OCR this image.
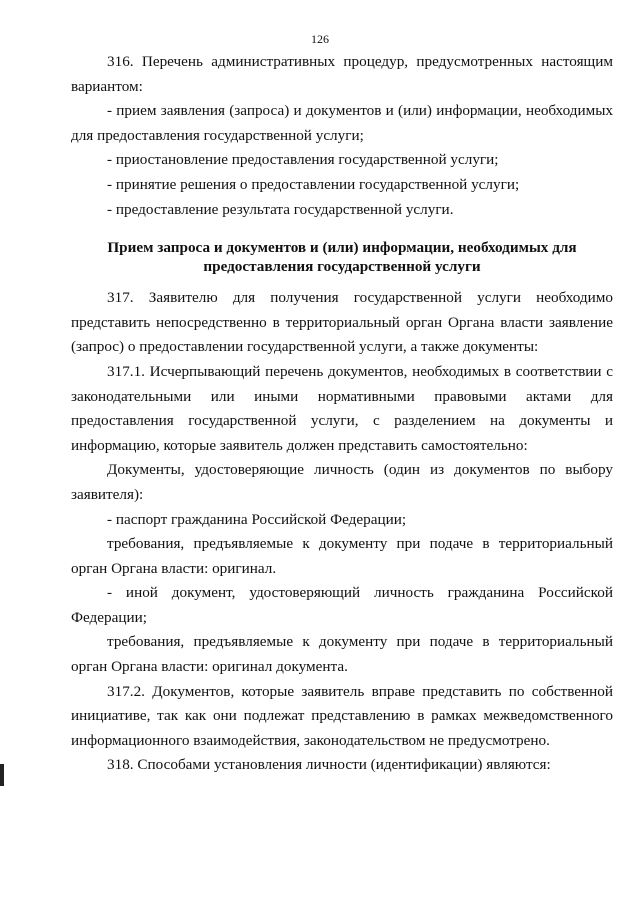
126

316. Перечень административных процедур, предусмотренных настоящим вариантом:

- прием заявления (запроса) и документов и (или) информации, необходимых для предоставления государственной услуги;

- приостановление предоставления государственной услуги;

- принятие решения о предоставлении государственной услуги;

- предоставление результата государственной услуги.

Прием запроса и документов и (или) информации, необходимых для предоставления государственной услуги

317. Заявителю для получения государственной услуги необходимо представить непосредственно в территориальный орган Органа власти заявление (запрос) о предоставлении государственной услуги, а также документы:

317.1. Исчерпывающий перечень документов, необходимых в соответствии с законодательными или иными нормативными правовыми актами для предоставления государственной услуги, с разделением на документы и информацию, которые заявитель должен представить самостоятельно:

Документы, удостоверяющие личность (один из документов по выбору заявителя):

- паспорт гражданина Российской Федерации;

требования, предъявляемые к документу при подаче в территориальный орган Органа власти: оригинал.

- иной документ, удостоверяющий личность гражданина Российской Федерации;

требования, предъявляемые к документу при подаче в территориальный орган Органа власти: оригинал документа.

317.2. Документов, которые заявитель вправе представить по собственной инициативе, так как они подлежат представлению в рамках межведомственного информационного взаимодействия, законодательством не предусмотрено.

318. Способами установления личности (идентификации) являются:
